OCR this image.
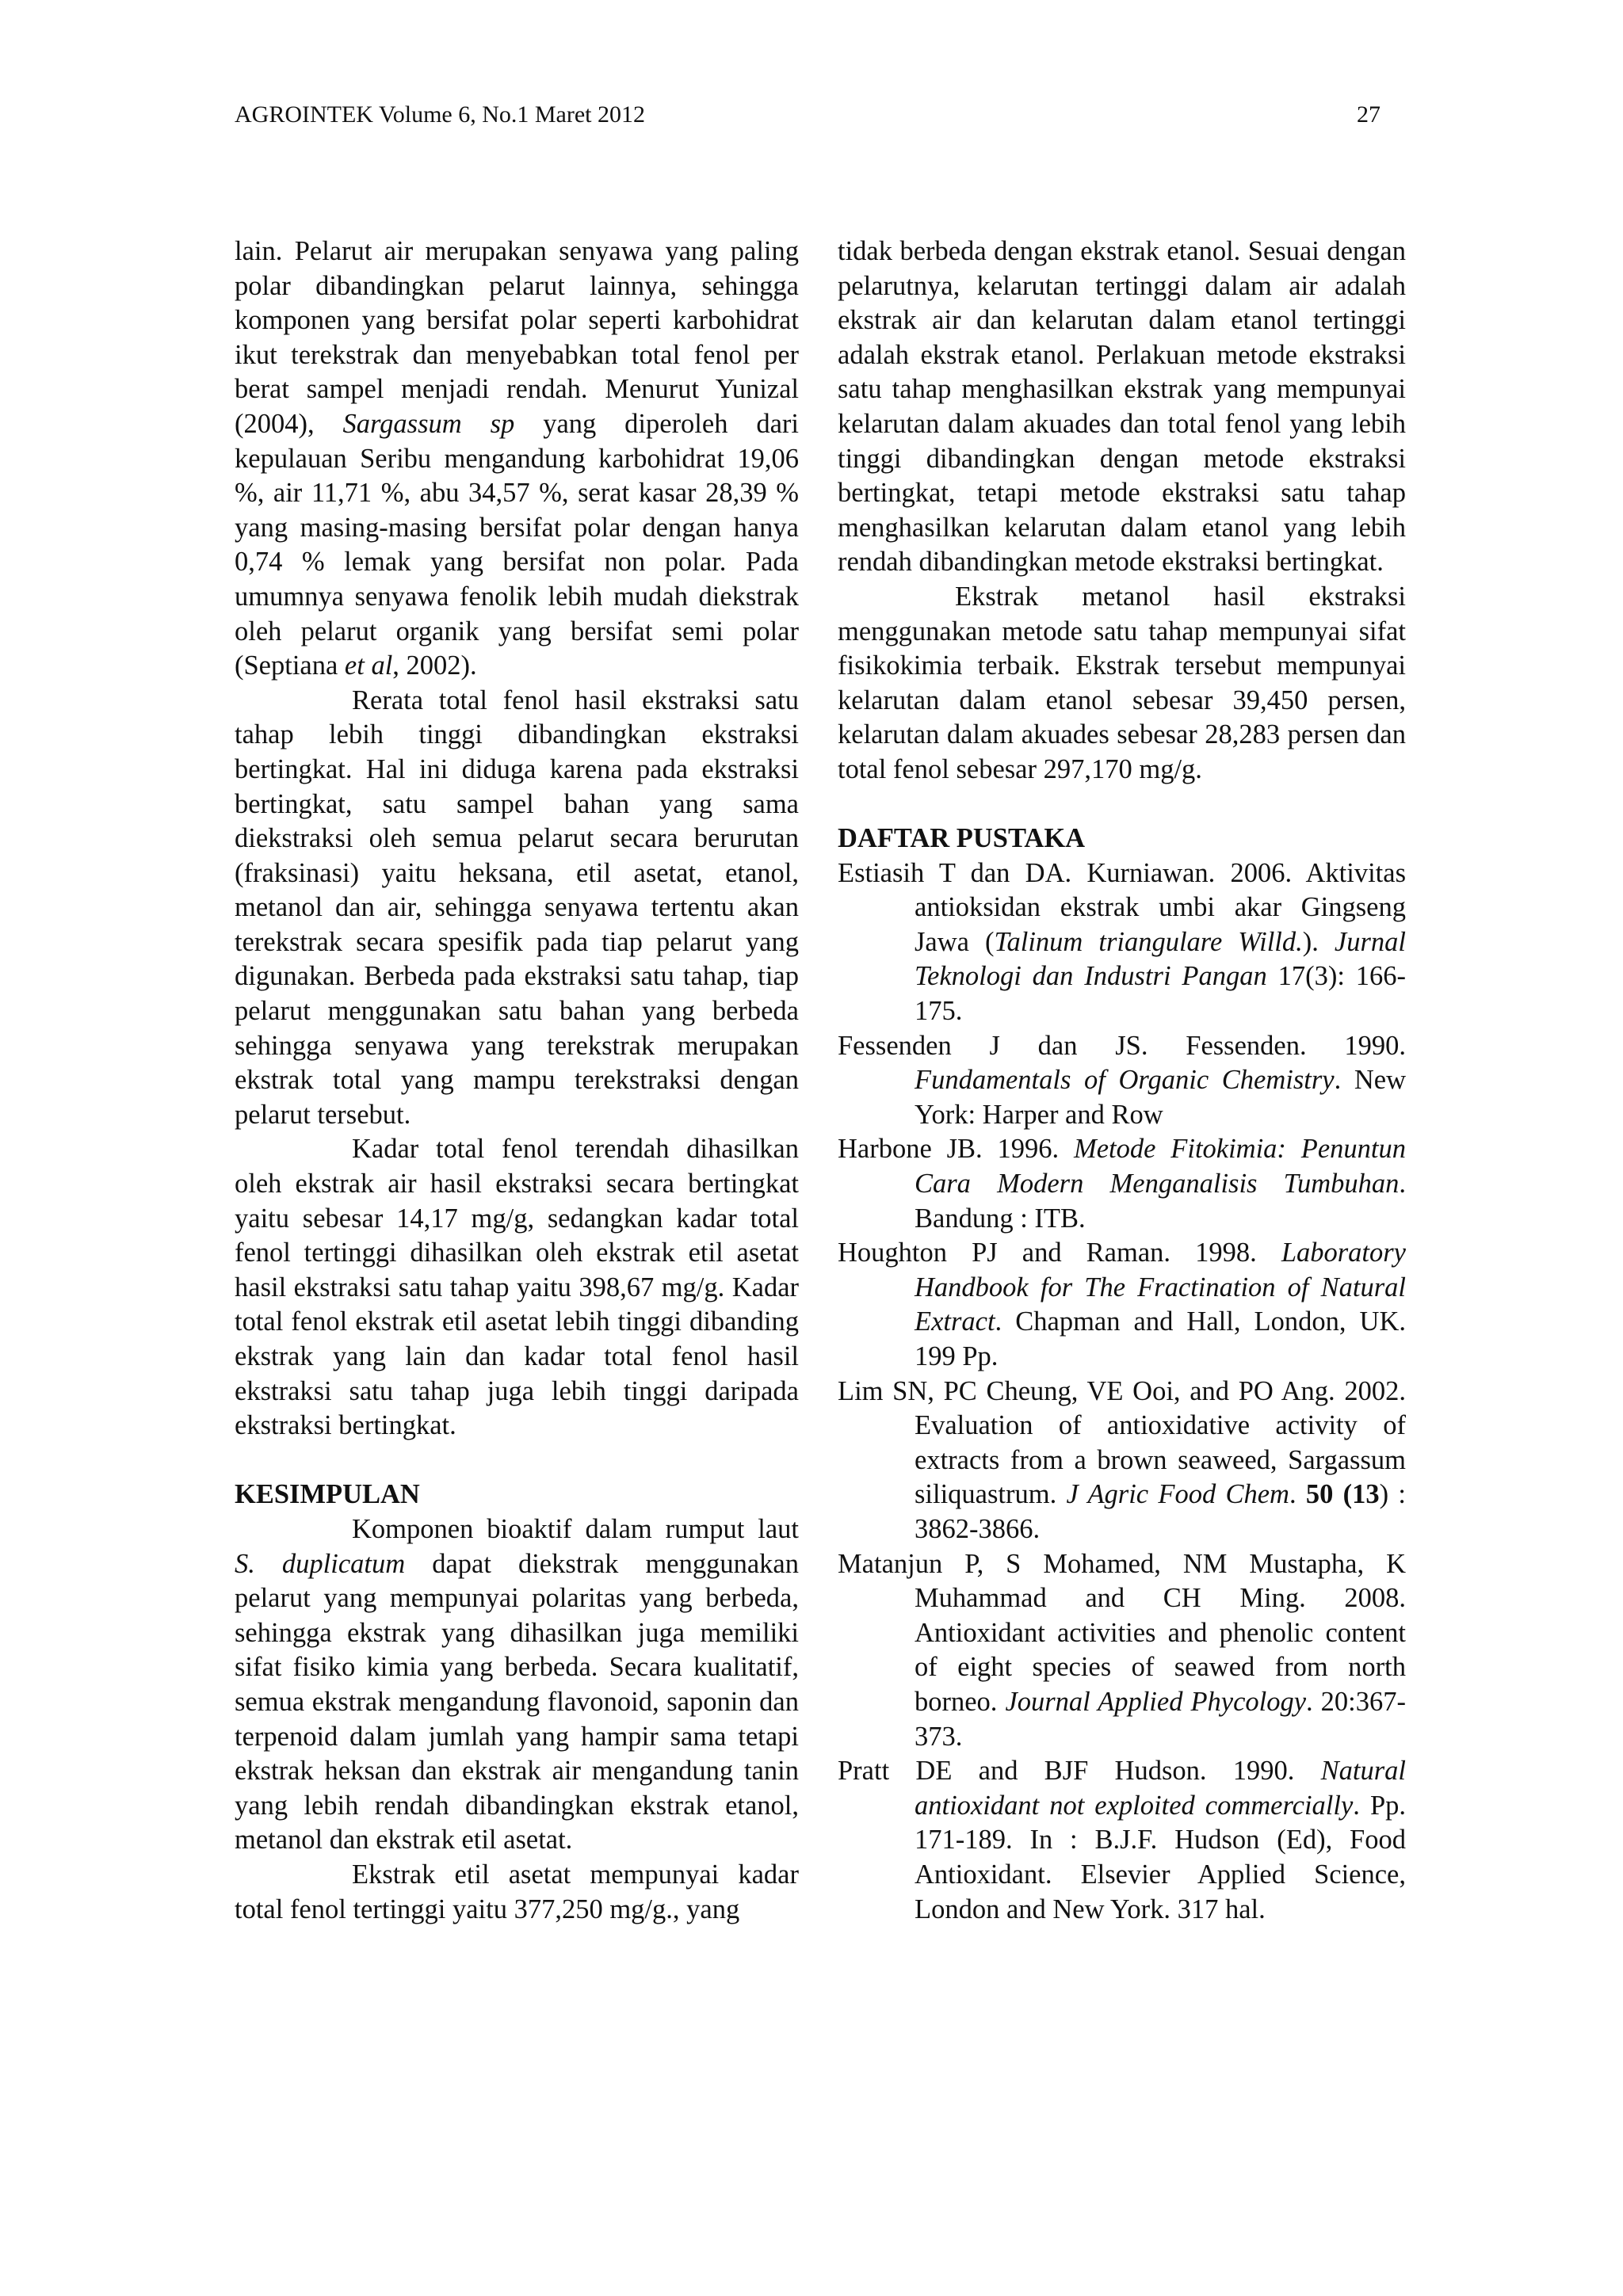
AGROINTEK Volume 6, No.1 Maret 2012	27

lain. Pelarut air merupakan senyawa yang paling polar dibandingkan pelarut lainnya, sehingga komponen yang bersifat polar seperti karbohidrat ikut terekstrak dan menyebabkan total fenol per berat sampel menjadi rendah. Menurut Yunizal (2004), Sargassum sp yang diperoleh dari kepulauan Seribu mengandung karbohidrat 19,06 %, air 11,71 %, abu 34,57 %, serat kasar 28,39 % yang masing-masing bersifat polar dengan hanya 0,74 % lemak yang bersifat non polar. Pada umumnya senyawa fenolik lebih mudah diekstrak oleh pelarut organik yang bersifat semi polar (Septiana et al, 2002).

Rerata total fenol hasil ekstraksi satu tahap lebih tinggi dibandingkan ekstraksi bertingkat. Hal ini diduga karena pada ekstraksi bertingkat, satu sampel bahan yang sama diekstraksi oleh semua pelarut secara berurutan (fraksinasi) yaitu heksana, etil asetat, etanol, metanol dan air, sehingga senyawa tertentu akan terekstrak secara spesifik pada tiap pelarut yang digunakan. Berbeda pada ekstraksi satu tahap, tiap pelarut menggunakan satu bahan yang berbeda sehingga senyawa yang terekstrak merupakan ekstrak total yang mampu terekstraksi dengan pelarut tersebut.

Kadar total fenol terendah dihasilkan oleh ekstrak air hasil ekstraksi secara bertingkat yaitu sebesar 14,17 mg/g, sedangkan kadar total fenol tertinggi dihasilkan oleh ekstrak etil asetat hasil ekstraksi satu tahap yaitu 398,67 mg/g. Kadar total fenol ekstrak etil asetat lebih tinggi dibanding ekstrak yang lain dan kadar total fenol hasil ekstraksi satu tahap juga lebih tinggi daripada ekstraksi bertingkat.

KESIMPULAN

Komponen bioaktif dalam rumput laut S. duplicatum dapat diekstrak menggunakan pelarut yang mempunyai polaritas yang berbeda, sehingga ekstrak yang dihasilkan juga memiliki sifat fisiko kimia yang berbeda. Secara kualitatif, semua ekstrak mengandung flavonoid, saponin dan terpenoid dalam jumlah yang hampir sama tetapi ekstrak heksan dan ekstrak air mengandung tanin yang lebih rendah dibandingkan ekstrak etanol, metanol dan ekstrak etil asetat.

Ekstrak etil asetat mempunyai kadar total fenol tertinggi yaitu 377,250 mg/g., yang

tidak berbeda dengan ekstrak etanol. Sesuai dengan pelarutnya, kelarutan tertinggi dalam air adalah ekstrak air dan kelarutan dalam etanol tertinggi adalah ekstrak etanol. Perlakuan metode ekstraksi satu tahap menghasilkan ekstrak yang mempunyai kelarutan dalam akuades dan total fenol yang lebih tinggi dibandingkan dengan metode ekstraksi bertingkat, tetapi metode ekstraksi satu tahap menghasilkan kelarutan dalam etanol yang lebih rendah dibandingkan metode ekstraksi bertingkat.

Ekstrak metanol hasil ekstraksi menggunakan metode satu tahap mempunyai sifat fisikokimia terbaik. Ekstrak tersebut mempunyai kelarutan dalam etanol sebesar 39,450 persen, kelarutan dalam akuades sebesar 28,283 persen dan total fenol sebesar 297,170 mg/g.

DAFTAR PUSTAKA

Estiasih T dan DA. Kurniawan. 2006. Aktivitas antioksidan ekstrak umbi akar Gingseng Jawa (Talinum triangulare Willd.). Jurnal Teknologi dan Industri Pangan 17(3): 166-175.

Fessenden J dan JS. Fessenden. 1990. Fundamentals of Organic Chemistry. New York: Harper and Row

Harbone JB. 1996. Metode Fitokimia: Penuntun Cara Modern Menganalisis Tumbuhan. Bandung : ITB.

Houghton PJ and Raman. 1998. Laboratory Handbook for The Fractination of Natural Extract. Chapman and Hall, London, UK. 199 Pp.

Lim SN, PC Cheung, VE Ooi, and PO Ang. 2002. Evaluation of antioxidative activity of extracts from a brown seaweed, Sargassum siliquastrum. J Agric Food Chem. 50 (13) : 3862-3866.

Matanjun P, S Mohamed, NM Mustapha, K Muhammad and CH Ming. 2008. Antioxidant activities and phenolic content of eight species of seawed from north borneo. Journal Applied Phycology. 20:367-373.

Pratt DE and BJF Hudson. 1990. Natural antioxidant not exploited commercially. Pp. 171-189. In : B.J.F. Hudson (Ed), Food Antioxidant. Elsevier Applied Science, London and New York. 317 hal.
